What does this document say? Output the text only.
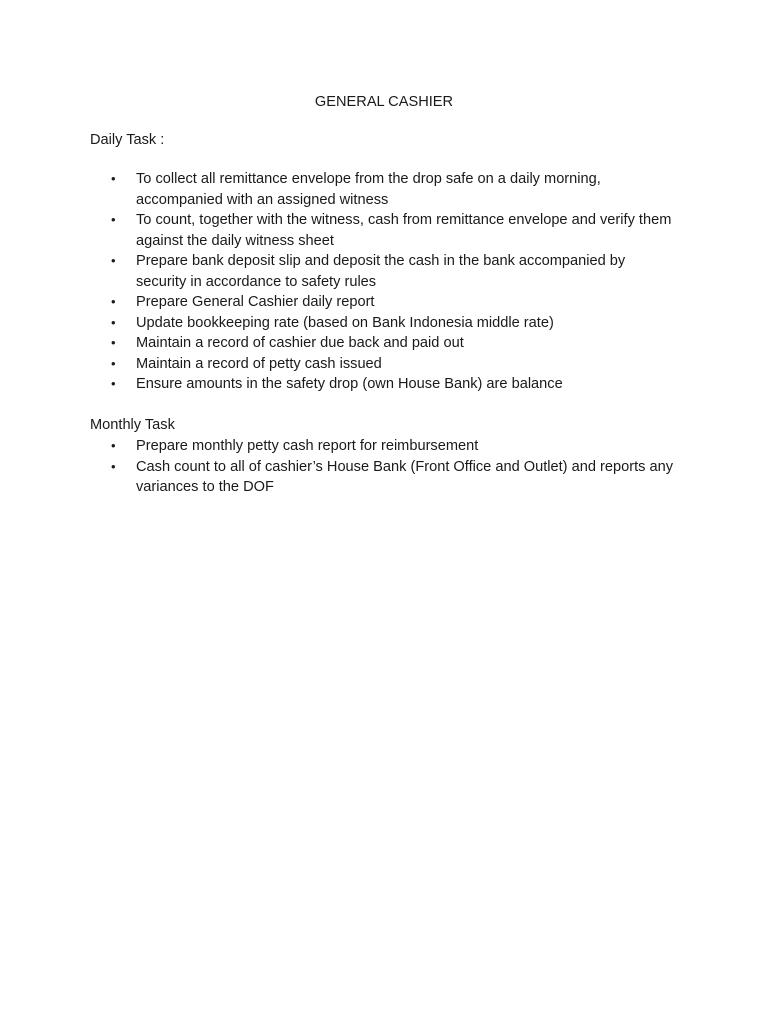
GENERAL CASHIER
Daily Task :
• To collect all remittance envelope from the drop safe on a daily morning, accompanied with an assigned witness
• To count, together with the witness, cash from remittance envelope and verify them against the daily witness sheet
• Prepare bank deposit slip and deposit the cash in the bank accompanied by security in accordance to safety rules
• Prepare General Cashier daily report
• Update bookkeeping rate (based on Bank Indonesia middle rate)
• Maintain a record of cashier due back and paid out
• Maintain a record of petty cash issued
• Ensure amounts in the safety drop (own House Bank) are balance
Monthly Task
• Prepare monthly petty cash report for reimbursement
• Cash count to all of cashier’s House Bank (Front Office and Outlet) and reports any variances to the DOF
